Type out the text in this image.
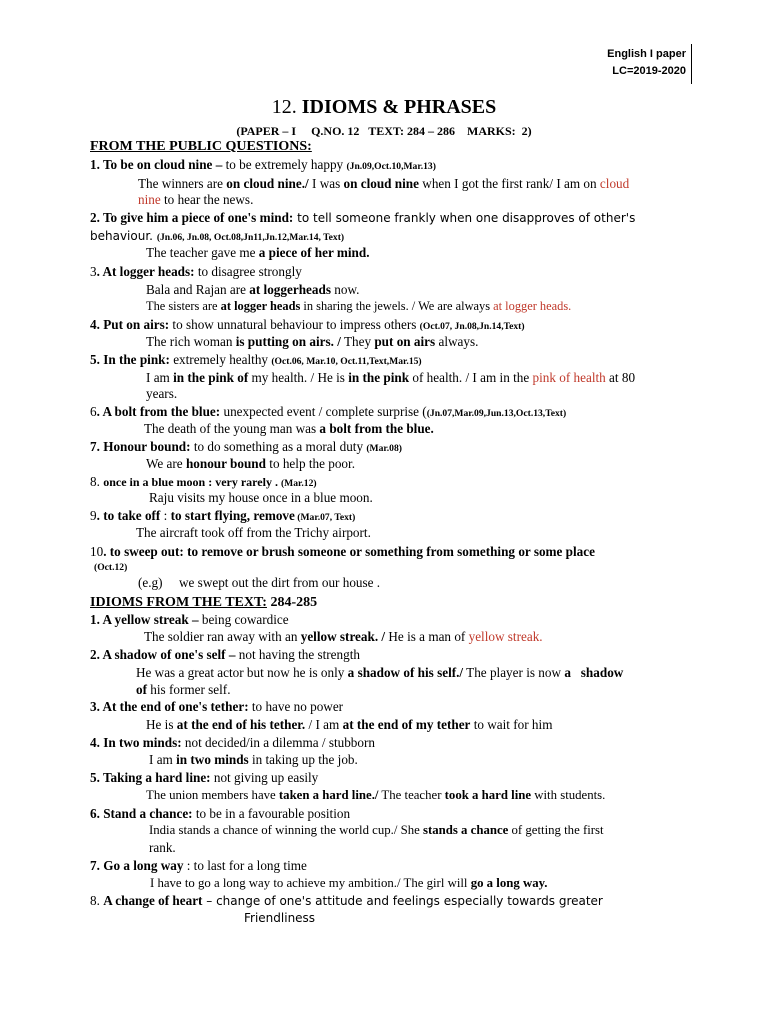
English I paper
LC=2019-2020
12. IDIOMS & PHRASES
(PAPER – I     Q.NO. 12   TEXT: 284 – 286    MARKS:  2)
FROM THE PUBLIC QUESTIONS:
1. To be on cloud nine – to be extremely happy (Jn.09,Oct.10,Mar.13)
The winners are on cloud nine./ I was on cloud nine when I got the first rank/ I am on cloud
nine to hear the news.
2. To give him a piece of one's mind: to tell someone frankly when one disapproves of other's
behaviour. (Jn.06, Jn.08, Oct.08,Jn11,Jn.12,Mar.14, Text)
The teacher gave me a piece of her mind.
3. At logger heads: to disagree strongly
Bala and Rajan are at loggerheads now.
The sisters are at logger heads in sharing the jewels. / We are always at logger heads.
4. Put on airs: to show unnatural behaviour to impress others (Oct.07, Jn.08,Jn.14,Text)
The rich woman is putting on airs. / They put on airs always.
5. In the pink: extremely healthy (Oct.06, Mar.10, Oct.11,Text,Mar.15)
I am in the pink of my health. / He is in the pink of health. / I am in the pink of health at 80
years.
6. A bolt from the blue: unexpected event / complete surprise ((Jn.07,Mar.09,Jun.13,Oct.13,Text)
The death of the young man was a bolt from the blue.
7. Honour bound: to do something as a moral duty (Mar.08)
We are honour bound to help the poor.
8. once in a blue moon : very rarely . (Mar.12)
Raju visits my house once in a blue moon.
9. to take off : to start flying, remove (Mar.07, Text)
The aircraft took off from the Trichy airport.
10. to sweep out: to remove or brush someone or something from something or some place
(Oct.12)
(e.g)     we swept out the dirt from our house .
IDIOMS FROM THE TEXT: 284-285
1. A yellow streak – being cowardice
The soldier ran away with an yellow streak. / He is a man of yellow streak.
2. A shadow of one's self – not having the strength
He was a great actor but now he is only a shadow of his self./ The player is now a   shadow
of his former self.
3. At the end of one's tether: to have no power
He is at the end of his tether. / I am at the end of my tether to wait for him
4. In two minds: not decided/in a dilemma / stubborn
I am in two minds in taking up the job.
5. Taking a hard line: not giving up easily
The union members have taken a hard line./ The teacher took a hard line with students.
6. Stand a chance: to be in a favourable position
India stands a chance of winning the world cup./ She stands a chance of getting the first
rank.
7. Go a long way : to last for a long time
I have to go a long way to achieve my ambition./ The girl will go a long way.
8. A change of heart – change of one's attitude and feelings especially towards greater
Friendliness
